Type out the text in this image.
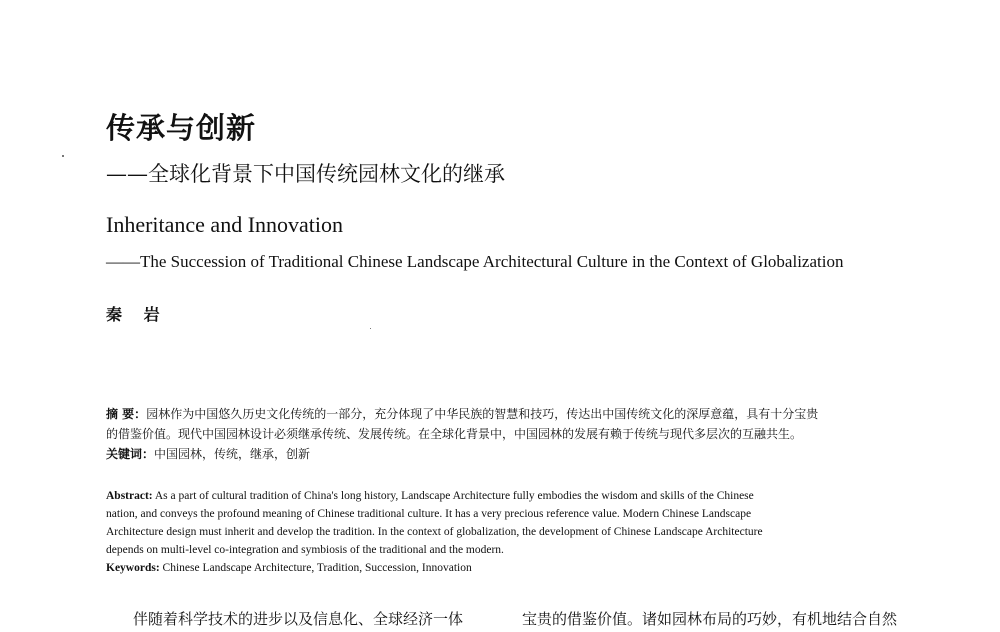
传承与创新
——全球化背景下中国传统园林文化的继承
Inheritance and Innovation
——The Succession of Traditional Chinese Landscape Architectural Culture in the Context of Globalization
秦 岩
摘 要：园林作为中国悠久历史文化传统的一部分，充分体现了中华民族的智慧和技巧，传达出中国传统文化的深厚意蕴，具有十分宝贵
的借鉴价值。现代中国园林设计必须继承传统、发展传统。在全球化背景中，中国园林的发展有赖于传统与现代多层次的互融共生。
关键词：中国园林，传统，继承，创新
Abstract: As a part of cultural tradition of China's long history, Landscape Architecture fully embodies the wisdom and skills of the Chinese
nation, and conveys the profound meaning of Chinese traditional culture. It has a very precious reference value. Modern Chinese Landscape
Architecture design must inherit and develop the tradition. In the context of globalization, the development of Chinese Landscape Architecture
depends on multi-level co-integration and symbiosis of the traditional and the modern.
Keywords: Chinese Landscape Architecture, Tradition, Succession, Innovation
伴随着科学技术的进步以及信息化、全球经济一体	宝贵的借鉴价值。诸如园林布局的巧妙，有机地结合自然
